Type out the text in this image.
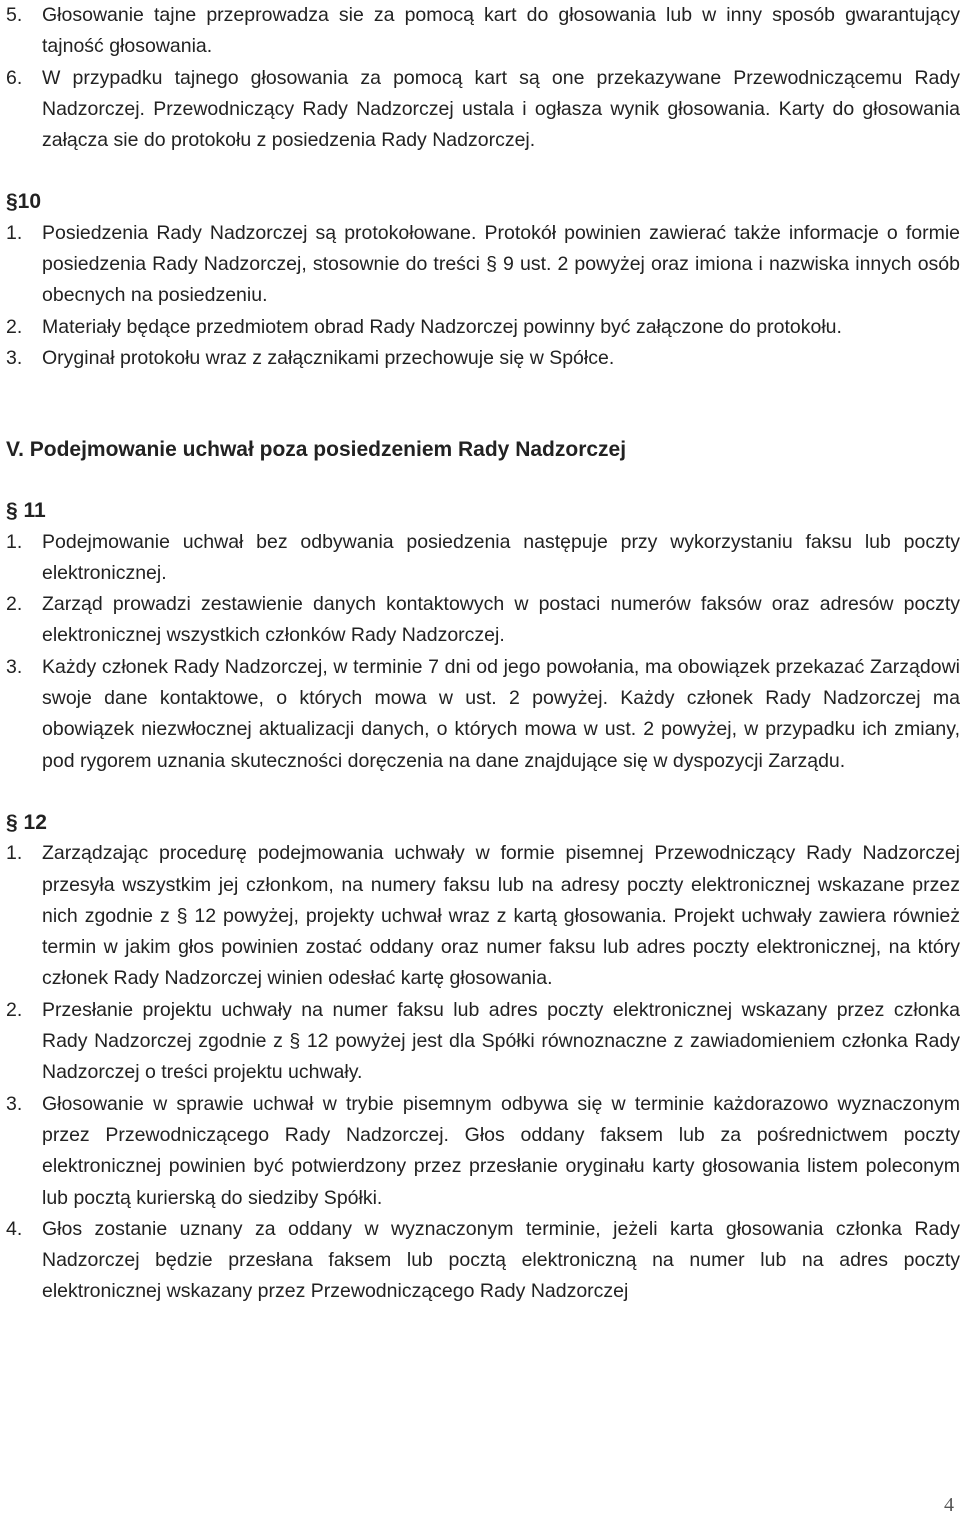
5. Głosowanie tajne przeprowadza sie za pomocą kart do głosowania lub w inny sposób gwarantujący tajność głosowania.

6. W przypadku tajnego głosowania za pomocą kart są one przekazywane Przewodniczącemu Rady Nadzorczej. Przewodniczący Rady Nadzorczej ustala i ogłasza wynik głosowania. Karty do głosowania załącza sie do protokołu z posiedzenia Rady Nadzorczej.

§10
1. Posiedzenia Rady Nadzorczej są protokołowane. Protokół powinien zawierać także informacje o formie posiedzenia Rady Nadzorczej, stosownie do treści § 9 ust. 2 powyżej oraz imiona i nazwiska innych osób obecnych na posiedzeniu.

2. Materiały będące przedmiotem obrad Rady Nadzorczej powinny być załączone do protokołu.

3. Oryginał protokołu wraz z załącznikami przechowuje się w Spółce.

V. Podejmowanie uchwał poza posiedzeniem Rady Nadzorczej
§ 11
1. Podejmowanie uchwał bez odbywania posiedzenia następuje przy wykorzystaniu faksu lub poczty elektronicznej.

2. Zarząd prowadzi zestawienie danych kontaktowych w postaci numerów faksów oraz adresów poczty elektronicznej wszystkich członków Rady Nadzorczej.

3. Każdy członek Rady Nadzorczej, w terminie 7 dni od jego powołania, ma obowiązek przekazać Zarządowi swoje dane kontaktowe, o których mowa w ust. 2 powyżej. Każdy członek Rady Nadzorczej ma obowiązek niezwłocznej aktualizacji danych, o których mowa w ust. 2 powyżej, w przypadku ich zmiany, pod rygorem uznania skuteczności doręczenia na dane znajdujące się w dyspozycji Zarządu.

§ 12
1. Zarządzając procedurę podejmowania uchwały w formie pisemnej Przewodniczący Rady Nadzorczej przesyła wszystkim jej członkom, na numery faksu lub na adresy poczty elektronicznej wskazane przez nich zgodnie z § 12 powyżej, projekty uchwał wraz z kartą głosowania. Projekt uchwały zawiera również termin w jakim głos powinien zostać oddany oraz numer faksu lub adres poczty elektronicznej, na który członek Rady Nadzorczej winien odesłać kartę głosowania.

2. Przesłanie projektu uchwały na numer faksu lub adres poczty elektronicznej wskazany przez członka Rady Nadzorczej zgodnie z § 12 powyżej jest dla Spółki równoznaczne z zawiadomieniem członka Rady Nadzorczej o treści projektu uchwały.

3. Głosowanie w sprawie uchwał w trybie pisemnym odbywa się w terminie każdorazowo wyznaczonym przez Przewodniczącego Rady Nadzorczej. Głos oddany faksem lub za pośrednictwem poczty elektronicznej powinien być potwierdzony przez przesłanie oryginału karty głosowania listem poleconym lub pocztą kurierską do siedziby Spółki.

4. Głos zostanie uznany za oddany w wyznaczonym terminie, jeżeli karta głosowania członka Rady Nadzorczej będzie przesłana faksem lub pocztą elektroniczną na numer lub na adres poczty elektronicznej wskazany przez Przewodniczącego Rady Nadzorczej

4
